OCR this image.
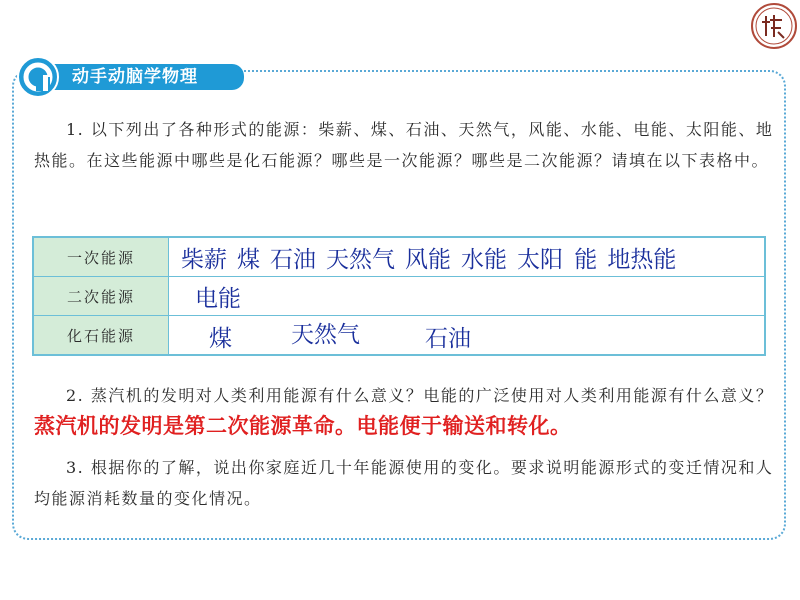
动手动脑学物理
1. 以下列出了各种形式的能源：柴薪、煤、石油、天然气，风能、水能、电能、太阳能、地热能。在这些能源中哪些是化石能源？哪些是一次能源？哪些是二次能源？请填在以下表格中。
一次能源	柴薪 煤 石油 天然气 风能 水能 太阳 能 地热能
二次能源	电能
化石能源	煤 天然气 石油
2. 蒸汽机的发明对人类利用能源有什么意义？电能的广泛使用对人类利用能源有什么意义？蒸汽机的发明是第二次能源革命。电能便于输送和转化。
3. 根据你的了解，说出你家庭近几十年能源使用的变化。要求说明能源形式的变迁情况和人均能源消耗数量的变化情况。
